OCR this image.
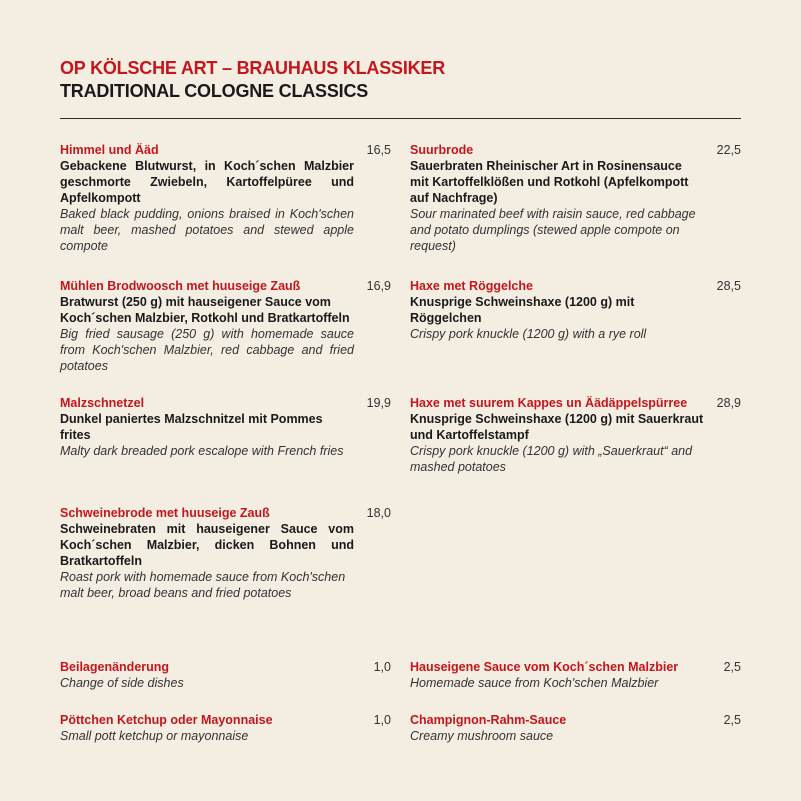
OP KÖLSCHE ART – BRAUHAUS KLASSIKER
TRADITIONAL COLOGNE CLASSICS
Himmel und Ääd
Gebackene Blutwurst, in Koch´schen Malzbier geschmorte Zwiebeln, Kartoffelpüree und Apfelkompott
Baked black pudding, onions braised in Koch'schen malt beer, mashed potatoes and stewed apple compote
16,5 Suurbrode
Sauerbraten Rheinischer Art in Rosinensauce mit Kartoffelklößen und Rotkohl (Apfelkompott auf Nachfrage)
Sour marinated beef with raisin sauce, red cabbage and potato dumplings (stewed apple compote on request)
22,5
Mühlen Brodwoosch met huuseige Zauß
Bratwurst (250 g) mit hauseigener Sauce vom Koch´schen Malzbier, Rotkohl und Bratkartoffeln
Big fried sausage (250 g) with homemade sauce from Koch'schen Malzbier, red cabbage and fried potatoes
16,9 Haxe met Röggelche
Knusprige Schweinshaxe (1200 g) mit Röggelchen
Crispy pork knuckle (1200 g) with a rye roll
28,5
Malzschnetzel
Dunkel paniertes Malzschnitzel mit Pommes frites
Malty dark breaded pork escalope with French fries
19,9 Haxe met suurem Kappes un Äädäppelspürree
Knusprige Schweinshaxe (1200 g) mit Sauerkraut und Kartoffelstampf
Crispy pork knuckle (1200 g) with „Sauerkraut“ and mashed potatoes
28,9
Schweinebrode met huuseige Zauß
Schweinebraten mit hauseigener Sauce vom Koch´schen Malzbier, dicken Bohnen und Bratkartoffeln
Roast pork with homemade sauce from Koch'schen malt beer, broad beans and fried potatoes
18,0
Beilagenänderung
Change of side dishes
1,0 Hauseigene Sauce vom Koch´schen Malzbier
Homemade sauce from Koch'schen Malzbier
2,5
Pöttchen Ketchup oder Mayonnaise
Small pott ketchup or mayonnaise
1,0 Champignon-Rahm-Sauce
Creamy mushroom sauce
2,5
